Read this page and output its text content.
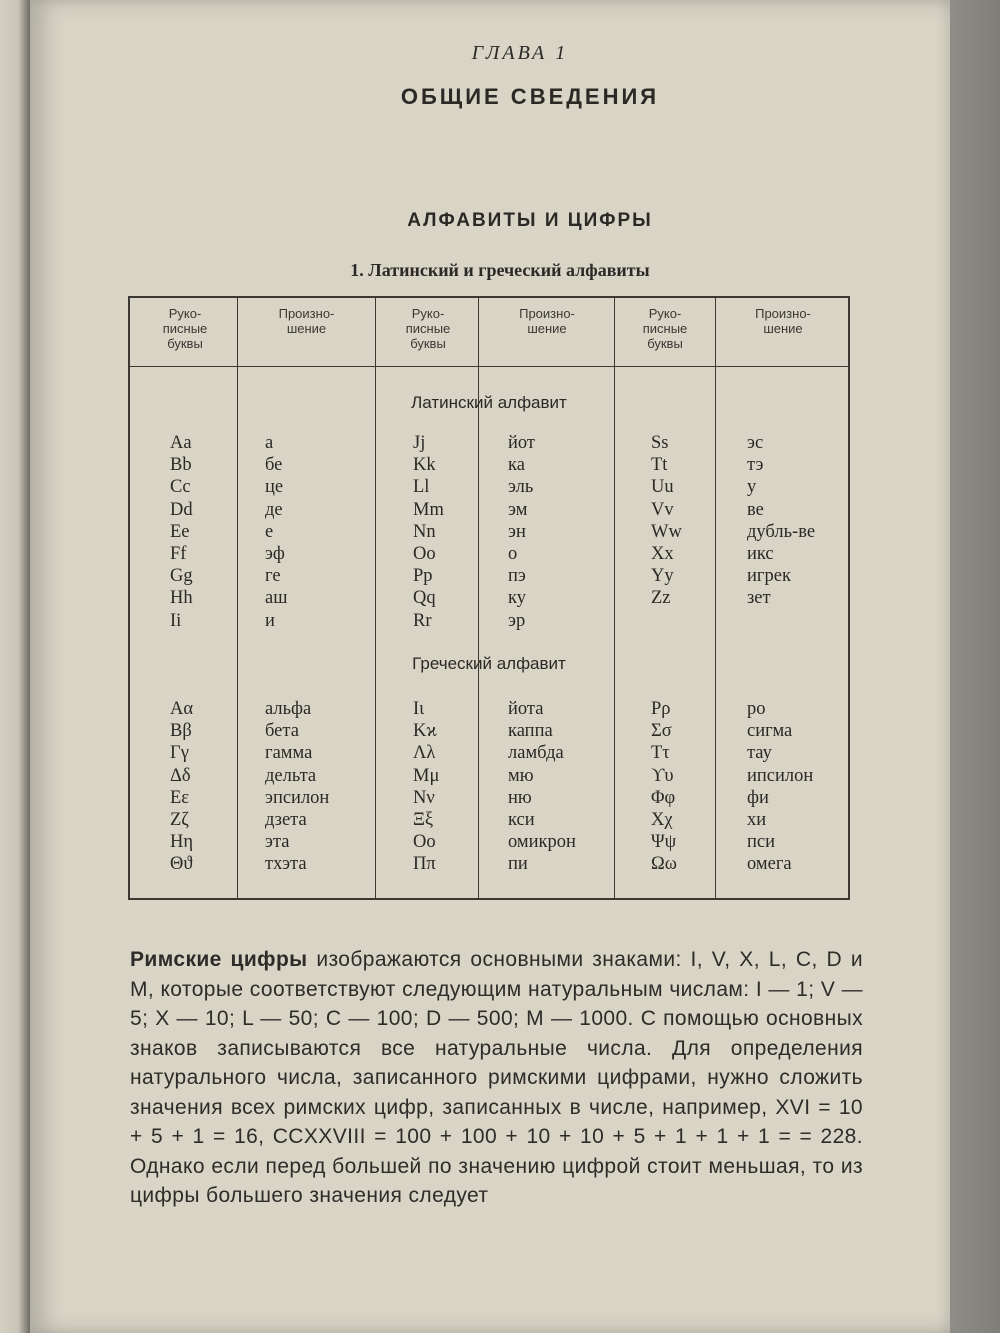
ГЛАВА 1
ОБЩИЕ СВЕДЕНИЯ
АЛФАВИТЫ И ЦИФРЫ
1. Латинский и греческий алфавиты
Руко-
писные
буквы
Произно-
шение
Руко-
писные
буквы
Произно-
шение
Руко-
писные
буквы
Произно-
шение
Латинский алфавит
Aa
Bb
Cc
Dd
Ee
Ff
Gg
Hh
Ii
а
бе
це
де
е
эф
ге
аш
и
Jj
Kk
Ll
Mm
Nn
Oo
Pp
Qq
Rr
йот
ка
эль
эм
эн
о
пэ
ку
эр
Ss
Tt
Uu
Vv
Ww
Xx
Yy
Zz
эс
тэ
у
ве
дубль-ве
икс
игрек
зет
Греческий алфавит
Aα
Bβ
Γγ
Δδ
Eε
Zζ
Hη
Θϑ
альфа
бета
гамма
дельта
эпсилон
дзета
эта
тхэта
Iι
Kϰ
Λλ
Mμ
Nν
Ξξ
Oo
Ππ
йота
каппа
ламбда
мю
ню
кси
омикрон
пи
Pρ
Σσ
Tτ
ϒυ
Φφ
Xχ
Ψψ
Ωω
ро
сигма
тау
ипсилон
фи
хи
пси
омега
Римские цифры изображаются основными знаками: I, V, X, L, C, D и M, которые соответствуют следующим натуральным числам: I — 1; V — 5; X — 10; L — 50; C — 100; D — 500; M — 1000. С помощью основных знаков записываются все натуральные числа. Для определения натурального числа, записанного римскими цифрами, нужно сложить значения всех римских цифр, записанных в числе, например, XVI = 10 + 5 + 1 = 16, CCXXVIII = 100 + 100 + 10 + 10 + 5 + 1 + 1 + 1 = = 228. Однако если перед большей по значению цифрой стоит меньшая, то из цифры большего значения следует
